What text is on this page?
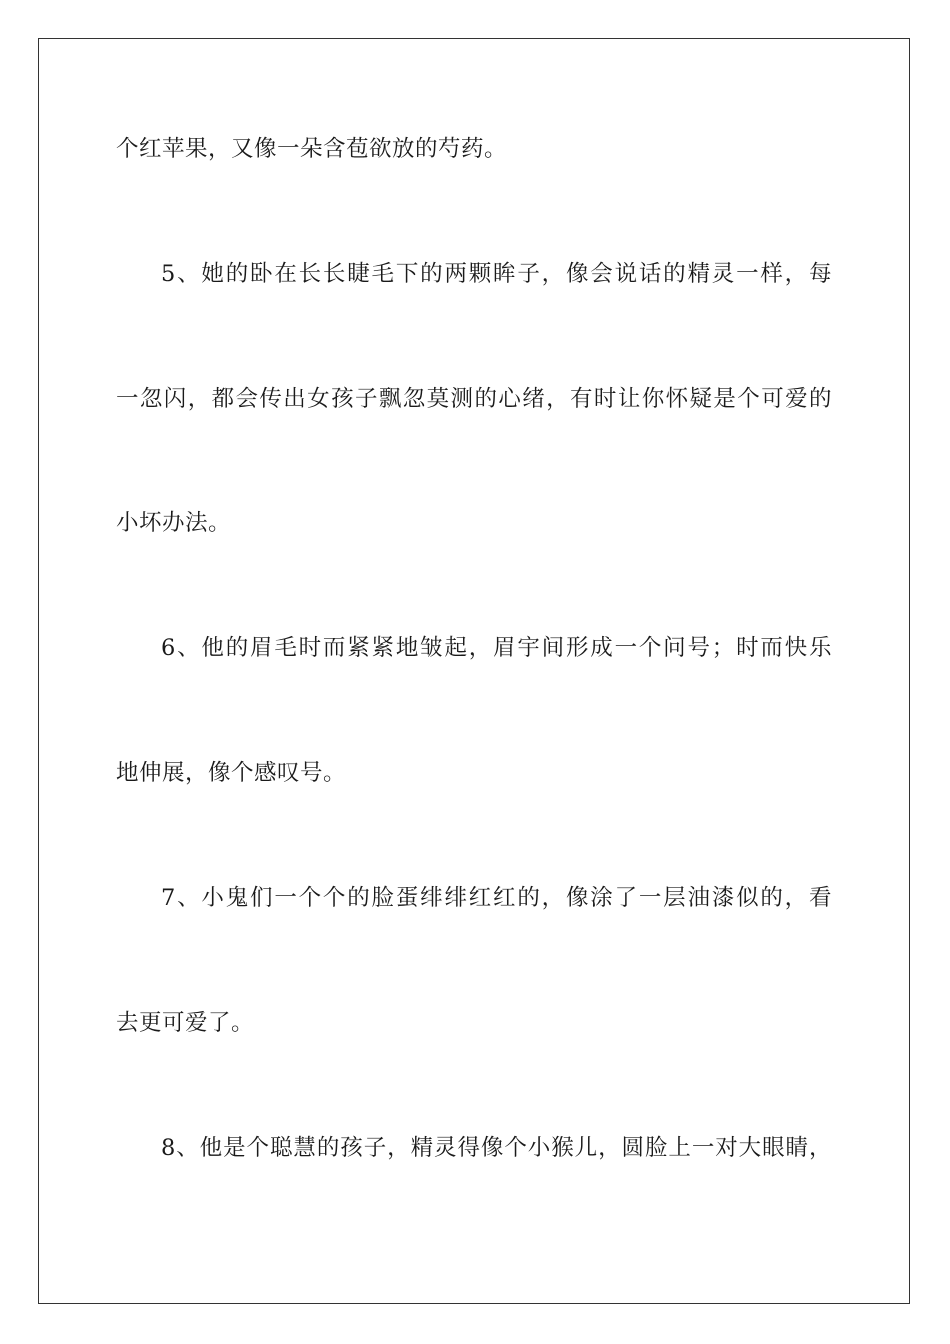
个红苹果，又像一朵含苞欲放的芍药。
5、她的卧在长长睫毛下的两颗眸子，像会说话的精灵一样，每
一忽闪，都会传出女孩子飘忽莫测的心绪，有时让你怀疑是个可爱的
小坏办法。
6、他的眉毛时而紧紧地皱起，眉宇间形成一个问号；时而快乐
地伸展，像个感叹号。
7、小鬼们一个个的脸蛋绯绯红红的，像涂了一层油漆似的，看
去更可爱了。
8、他是个聪慧的孩子，精灵得像个小猴儿，圆脸上一对大眼睛，
